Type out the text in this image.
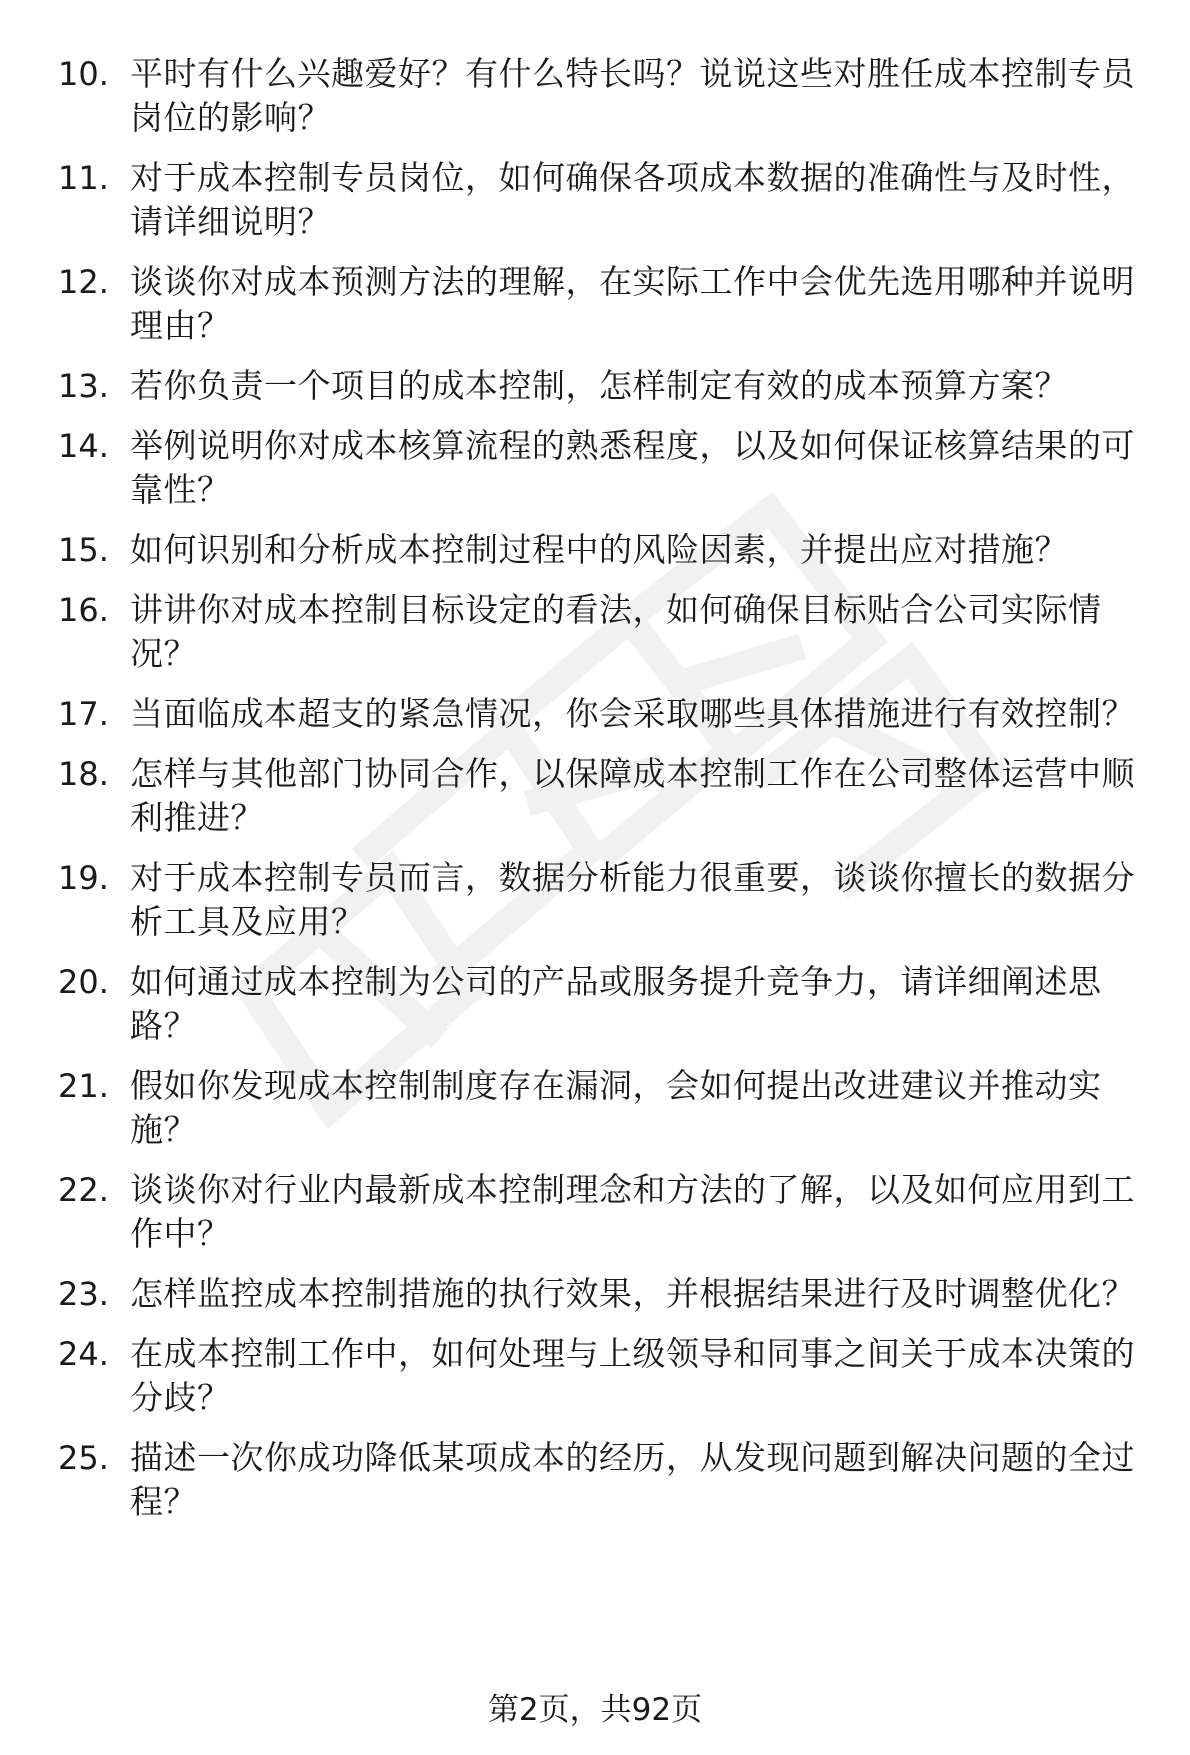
10. 平时有什么兴趣爱好？有什么特长吗？说说这些对胜任成本控制专员岗位的影响？
11. 对于成本控制专员岗位，如何确保各项成本数据的准确性与及时性，请详细说明？
12. 谈谈你对成本预测方法的理解，在实际工作中会优先选用哪种并说明理由？
13. 若你负责一个项目的成本控制，怎样制定有效的成本预算方案？
14. 举例说明你对成本核算流程的熟悉程度，以及如何保证核算结果的可靠性？
15. 如何识别和分析成本控制过程中的风险因素，并提出应对措施？
16. 讲讲你对成本控制目标设定的看法，如何确保目标贴合公司实际情况？
17. 当面临成本超支的紧急情况，你会采取哪些具体措施进行有效控制？
18. 怎样与其他部门协同合作，以保障成本控制工作在公司整体运营中顺利推进？
19. 对于成本控制专员而言，数据分析能力很重要，谈谈你擅长的数据分析工具及应用？
20. 如何通过成本控制为公司的产品或服务提升竞争力，请详细阐述思路？
21. 假如你发现成本控制制度存在漏洞，会如何提出改进建议并推动实施？
22. 谈谈你对行业内最新成本控制理念和方法的了解，以及如何应用到工作中？
23. 怎样监控成本控制措施的执行效果，并根据结果进行及时调整优化？
24. 在成本控制工作中，如何处理与上级领导和同事之间关于成本决策的分歧？
25. 描述一次你成功降低某项成本的经历，从发现问题到解决问题的全过程？
第2页，共92页
